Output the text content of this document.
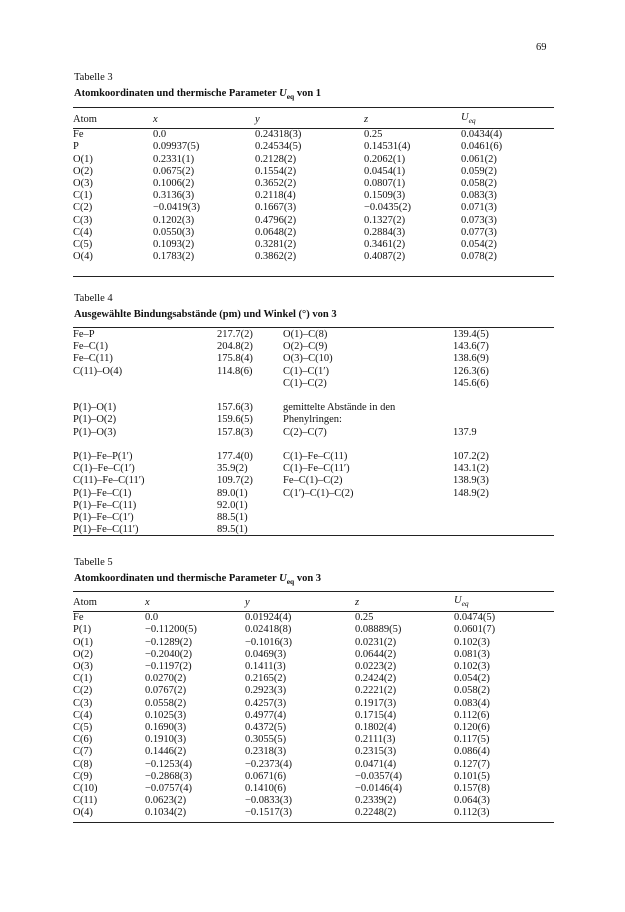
69
Tabelle 3
Atomkoordinaten und thermische Parameter $U_{eq}$ von 1
Atom	x	y	z	$U_{eq}$
Fe	0.0	0.24318(3)	0.25	0.0434(4)
P	0.09937(5)	0.24534(5)	0.14531(4)	0.0461(6)
O(1)	0.2331(1)	0.2128(2)	0.2062(1)	0.061(2)
O(2)	0.0675(2)	0.1554(2)	0.0454(1)	0.059(2)
O(3)	0.1006(2)	0.3652(2)	0.0807(1)	0.058(2)
C(1)	0.3136(3)	0.2118(4)	0.1509(3)	0.083(3)
C(2)	−0.0419(3)	0.1667(3)	−0.0435(2)	0.071(3)
C(3)	0.1202(3)	0.4796(2)	0.1327(2)	0.073(3)
C(4)	0.0550(3)	0.0648(2)	0.2884(3)	0.077(3)
C(5)	0.1093(2)	0.3281(2)	0.3461(2)	0.054(2)
O(4)	0.1783(2)	0.3862(2)	0.4087(2)	0.078(2)
Tabelle 4
Ausgewählte Bindungsabstände (pm) und Winkel (°) von 3
Fe–P	217.7(2)	O(1)–C(8)	139.4(5)
Fe–C(1)	204.8(2)	O(2)–C(9)	143.6(7)
Fe–C(11)	175.8(4)	O(3)–C(10)	138.6(9)
C(11)–O(4)	114.8(6)	C(1)–C(1′)	126.3(6)
		C(1)–C(2)	145.6(6)

P(1)–O(1)	157.6(3)	gemittelte Abstände in den	
P(1)–O(2)	159.6(5)	Phenylringen:	
P(1)–O(3)	157.8(3)	C(2)–C(7)	137.9

P(1)–Fe–P(1′)	177.4(0)	C(1)–Fe–C(11)	107.2(2)
C(1)–Fe–C(1′)	35.9(2)	C(1)–Fe–C(11′)	143.1(2)
C(11)–Fe–C(11′)	109.7(2)	Fe–C(1)–C(2)	138.9(3)
P(1)–Fe–C(1)	89.0(1)	C(1′)–C(1)–C(2)	148.9(2)
P(1)–Fe–C(11)	92.0(1)		
P(1)–Fe–C(1′)	88.5(1)		
P(1)–Fe–C(11′)	89.5(1)		
Tabelle 5
Atomkoordinaten und thermische Parameter $U_{eq}$ von 3
Atom	x	y	z	$U_{eq}$
Fe	0.0	0.01924(4)	0.25	0.0474(5)
P(1)	−0.11200(5)	0.02418(8)	0.08889(5)	0.0601(7)
O(1)	−0.1289(2)	−0.1016(3)	0.0231(2)	0.102(3)
O(2)	−0.2040(2)	0.0469(3)	0.0644(2)	0.081(3)
O(3)	−0.1197(2)	0.1411(3)	0.0223(2)	0.102(3)
C(1)	0.0270(2)	0.2165(2)	0.2424(2)	0.054(2)
C(2)	0.0767(2)	0.2923(3)	0.2221(2)	0.058(2)
C(3)	0.0558(2)	0.4257(3)	0.1917(3)	0.083(4)
C(4)	0.1025(3)	0.4977(4)	0.1715(4)	0.112(6)
C(5)	0.1690(3)	0.4372(5)	0.1802(4)	0.120(6)
C(6)	0.1910(3)	0.3055(5)	0.2111(3)	0.117(5)
C(7)	0.1446(2)	0.2318(3)	0.2315(3)	0.086(4)
C(8)	−0.1253(4)	−0.2373(4)	0.0471(4)	0.127(7)
C(9)	−0.2868(3)	0.0671(6)	−0.0357(4)	0.101(5)
C(10)	−0.0757(4)	0.1410(6)	−0.0146(4)	0.157(8)
C(11)	0.0623(2)	−0.0833(3)	0.2339(2)	0.064(3)
O(4)	0.1034(2)	−0.1517(3)	0.2248(2)	0.112(3)
